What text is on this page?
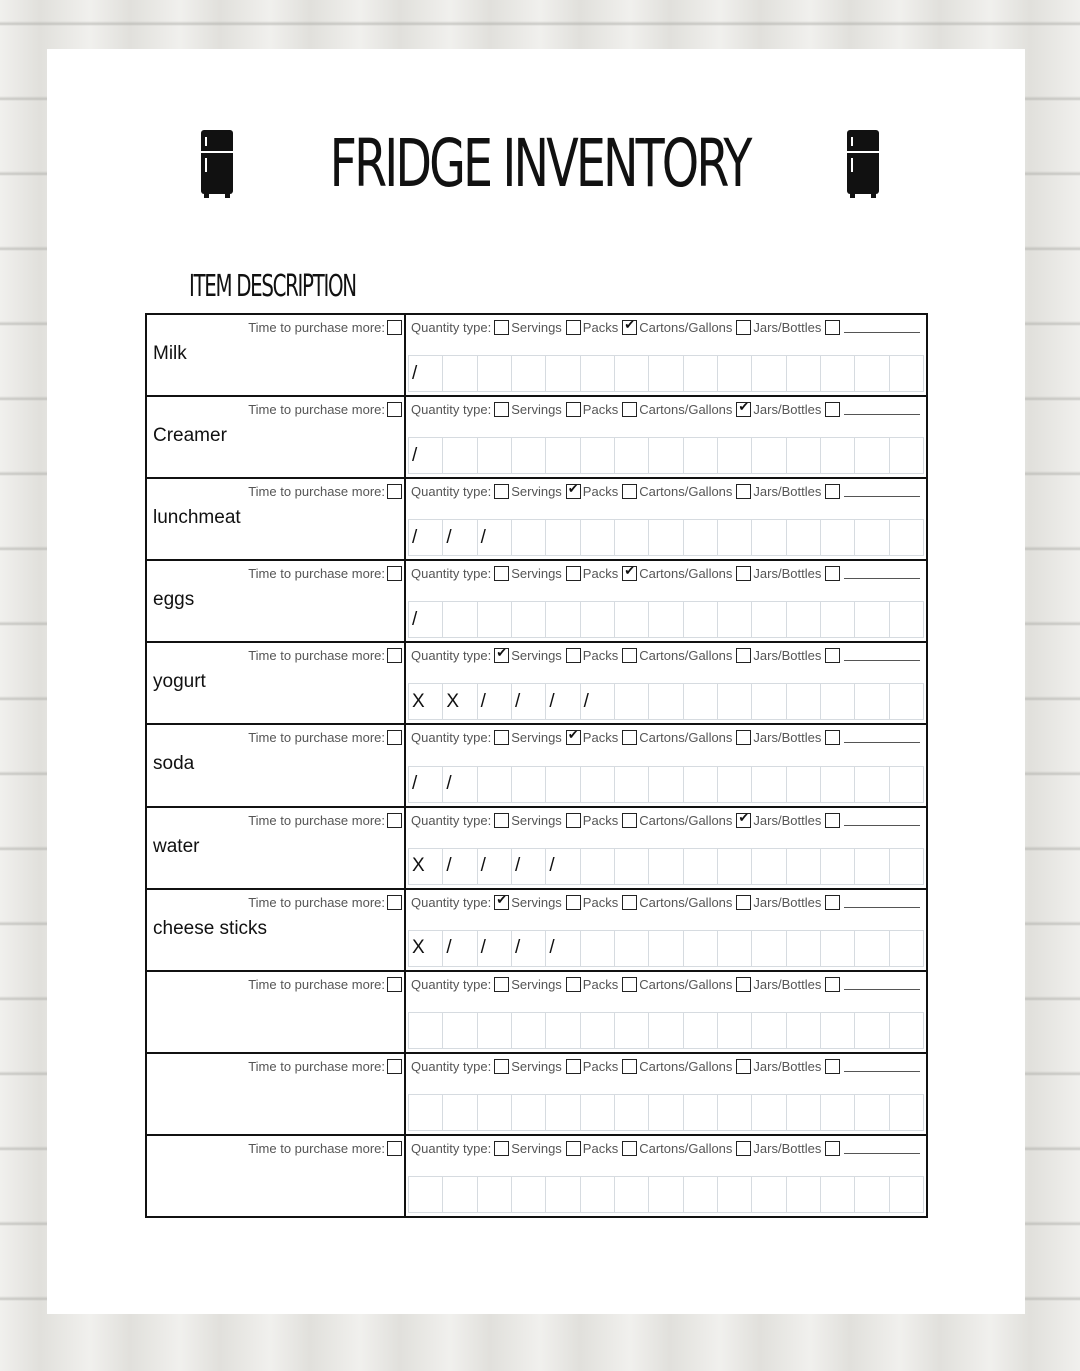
FRIDGE INVENTORY
ITEM DESCRIPTION
Time to purchase more:
Milk
Quantity type: Servings Packs ✔ Cartons/Gallons Jars/Bottles
/
Time to purchase more:
Creamer
Quantity type: Servings Packs Cartons/Gallons ✔ Jars/Bottles
/
Time to purchase more:
lunchmeat
Quantity type: Servings ✔ Packs Cartons/Gallons Jars/Bottles
/	/	/
Time to purchase more:
eggs
Quantity type: Servings Packs ✔ Cartons/Gallons Jars/Bottles
/
Time to purchase more:
yogurt
Quantity type: ✔ Servings Packs Cartons/Gallons Jars/Bottles
X	X	/	/	/	/
Time to purchase more:
soda
Quantity type: Servings ✔ Packs Cartons/Gallons Jars/Bottles
/	/
Time to purchase more:
water
Quantity type: Servings Packs Cartons/Gallons ✔ Jars/Bottles
X	/	/	/	/
Time to purchase more:
cheese sticks
Quantity type: ✔ Servings Packs Cartons/Gallons Jars/Bottles
X	/	/	/	/
Time to purchase more: Quantity type: Servings Packs Cartons/Gallons Jars/Bottles
Time to purchase more: Quantity type: Servings Packs Cartons/Gallons Jars/Bottles
Time to purchase more: Quantity type: Servings Packs Cartons/Gallons Jars/Bottles
